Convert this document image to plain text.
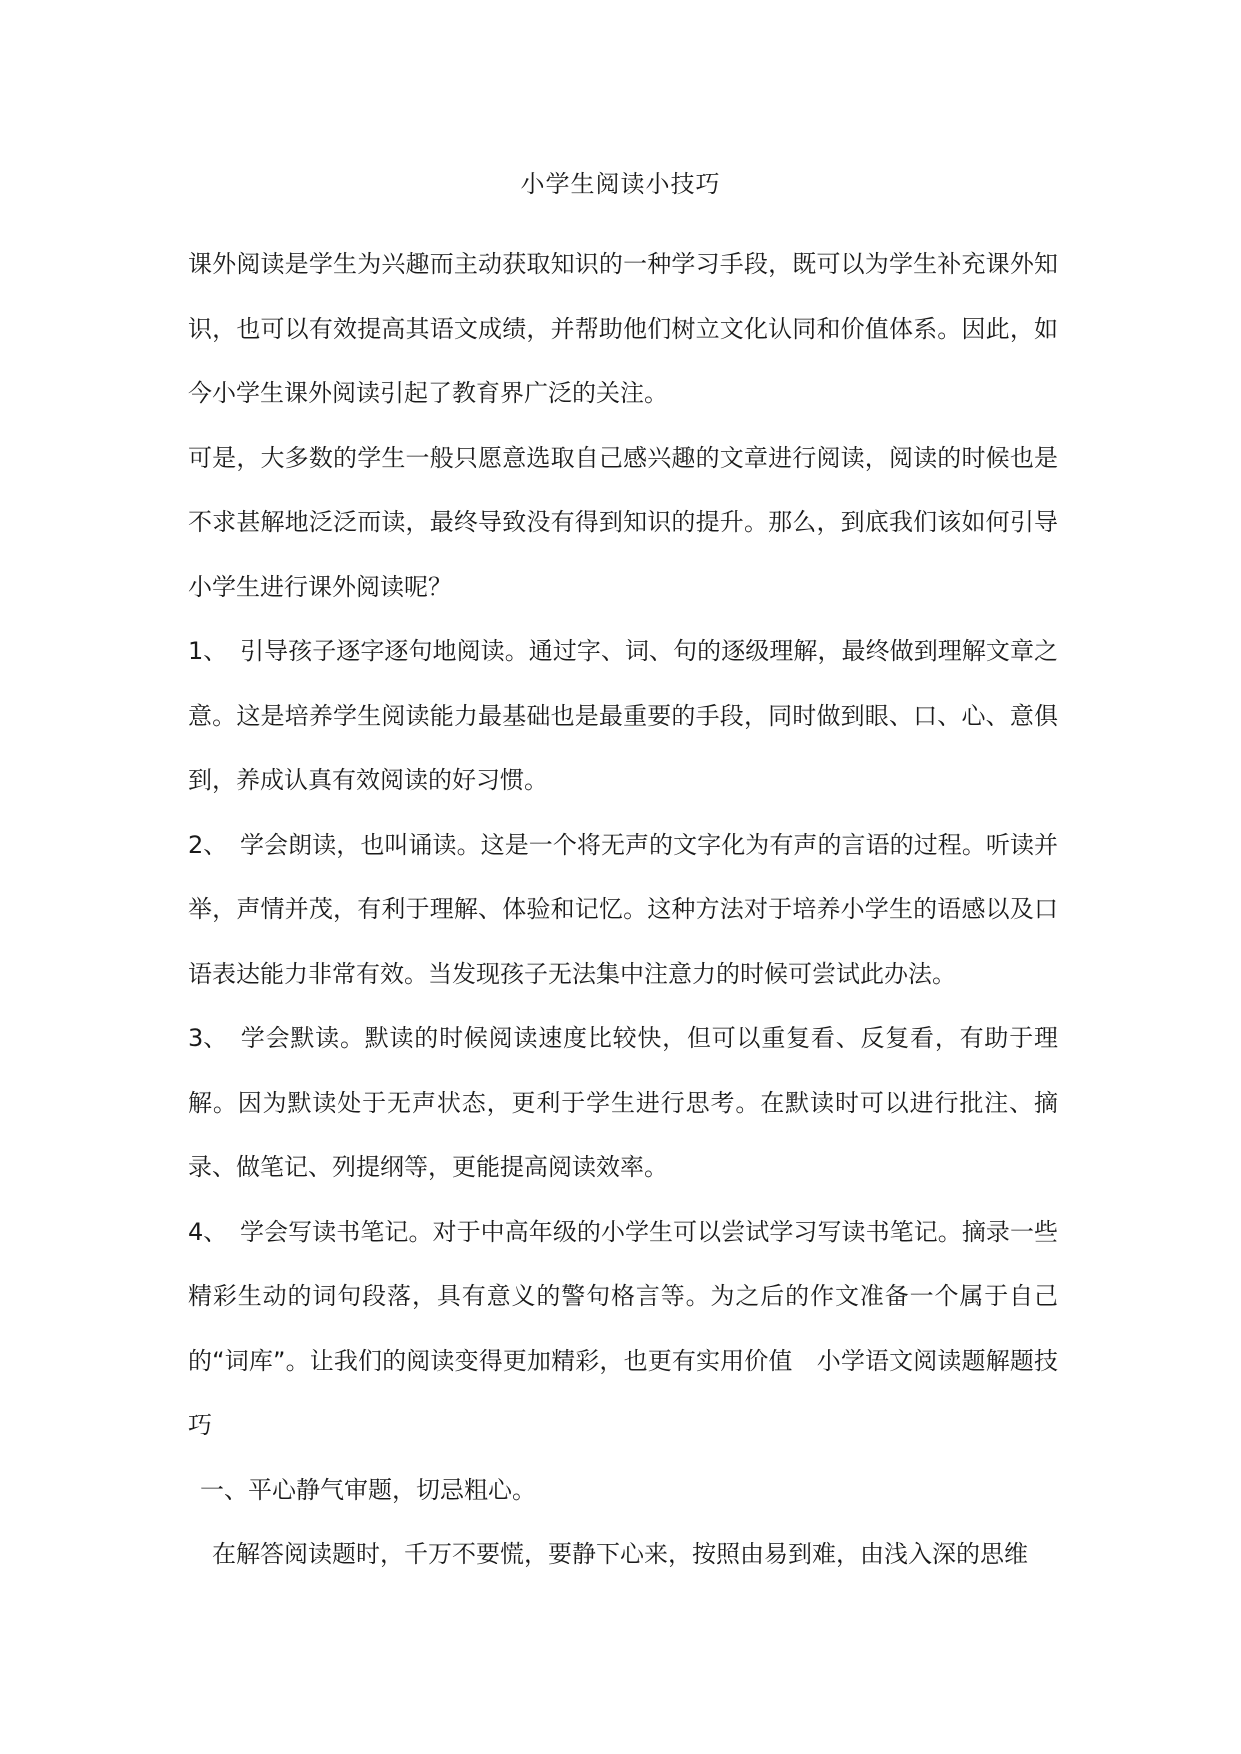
小学生阅读小技巧

课外阅读是学生为兴趣而主动获取知识的一种学习手段，既可以为学生补充课外知识，也可以有效提高其语文成绩，并帮助他们树立文化认同和价值体系。因此，如今小学生课外阅读引起了教育界广泛的关注。

可是，大多数的学生一般只愿意选取自己感兴趣的文章进行阅读，阅读的时候也是不求甚解地泛泛而读，最终导致没有得到知识的提升。那么，到底我们该如何引导小学生进行课外阅读呢？

1、 引导孩子逐字逐句地阅读。通过字、词、句的逐级理解，最终做到理解文章之意。这是培养学生阅读能力最基础也是最重要的手段，同时做到眼、口、心、意俱到，养成认真有效阅读的好习惯。

2、 学会朗读，也叫诵读。这是一个将无声的文字化为有声的言语的过程。听读并举，声情并茂，有利于理解、体验和记忆。这种方法对于培养小学生的语感以及口语表达能力非常有效。当发现孩子无法集中注意力的时候可尝试此办法。

3、 学会默读。默读的时候阅读速度比较快，但可以重复看、反复看，有助于理解。因为默读处于无声状态，更利于学生进行思考。在默读时可以进行批注、摘录、做笔记、列提纲等，更能提高阅读效率。

4、 学会写读书笔记。对于中高年级的小学生可以尝试学习写读书笔记。摘录一些精彩生动的词句段落，具有意义的警句格言等。为之后的作文准备一个属于自己的“词库”。让我们的阅读变得更加精彩，也更有实用价值　小学语文阅读题解题技巧

一、平心静气审题，切忌粗心。

在解答阅读题时，千万不要慌，要静下心来，按照由易到难，由浅入深的思维
